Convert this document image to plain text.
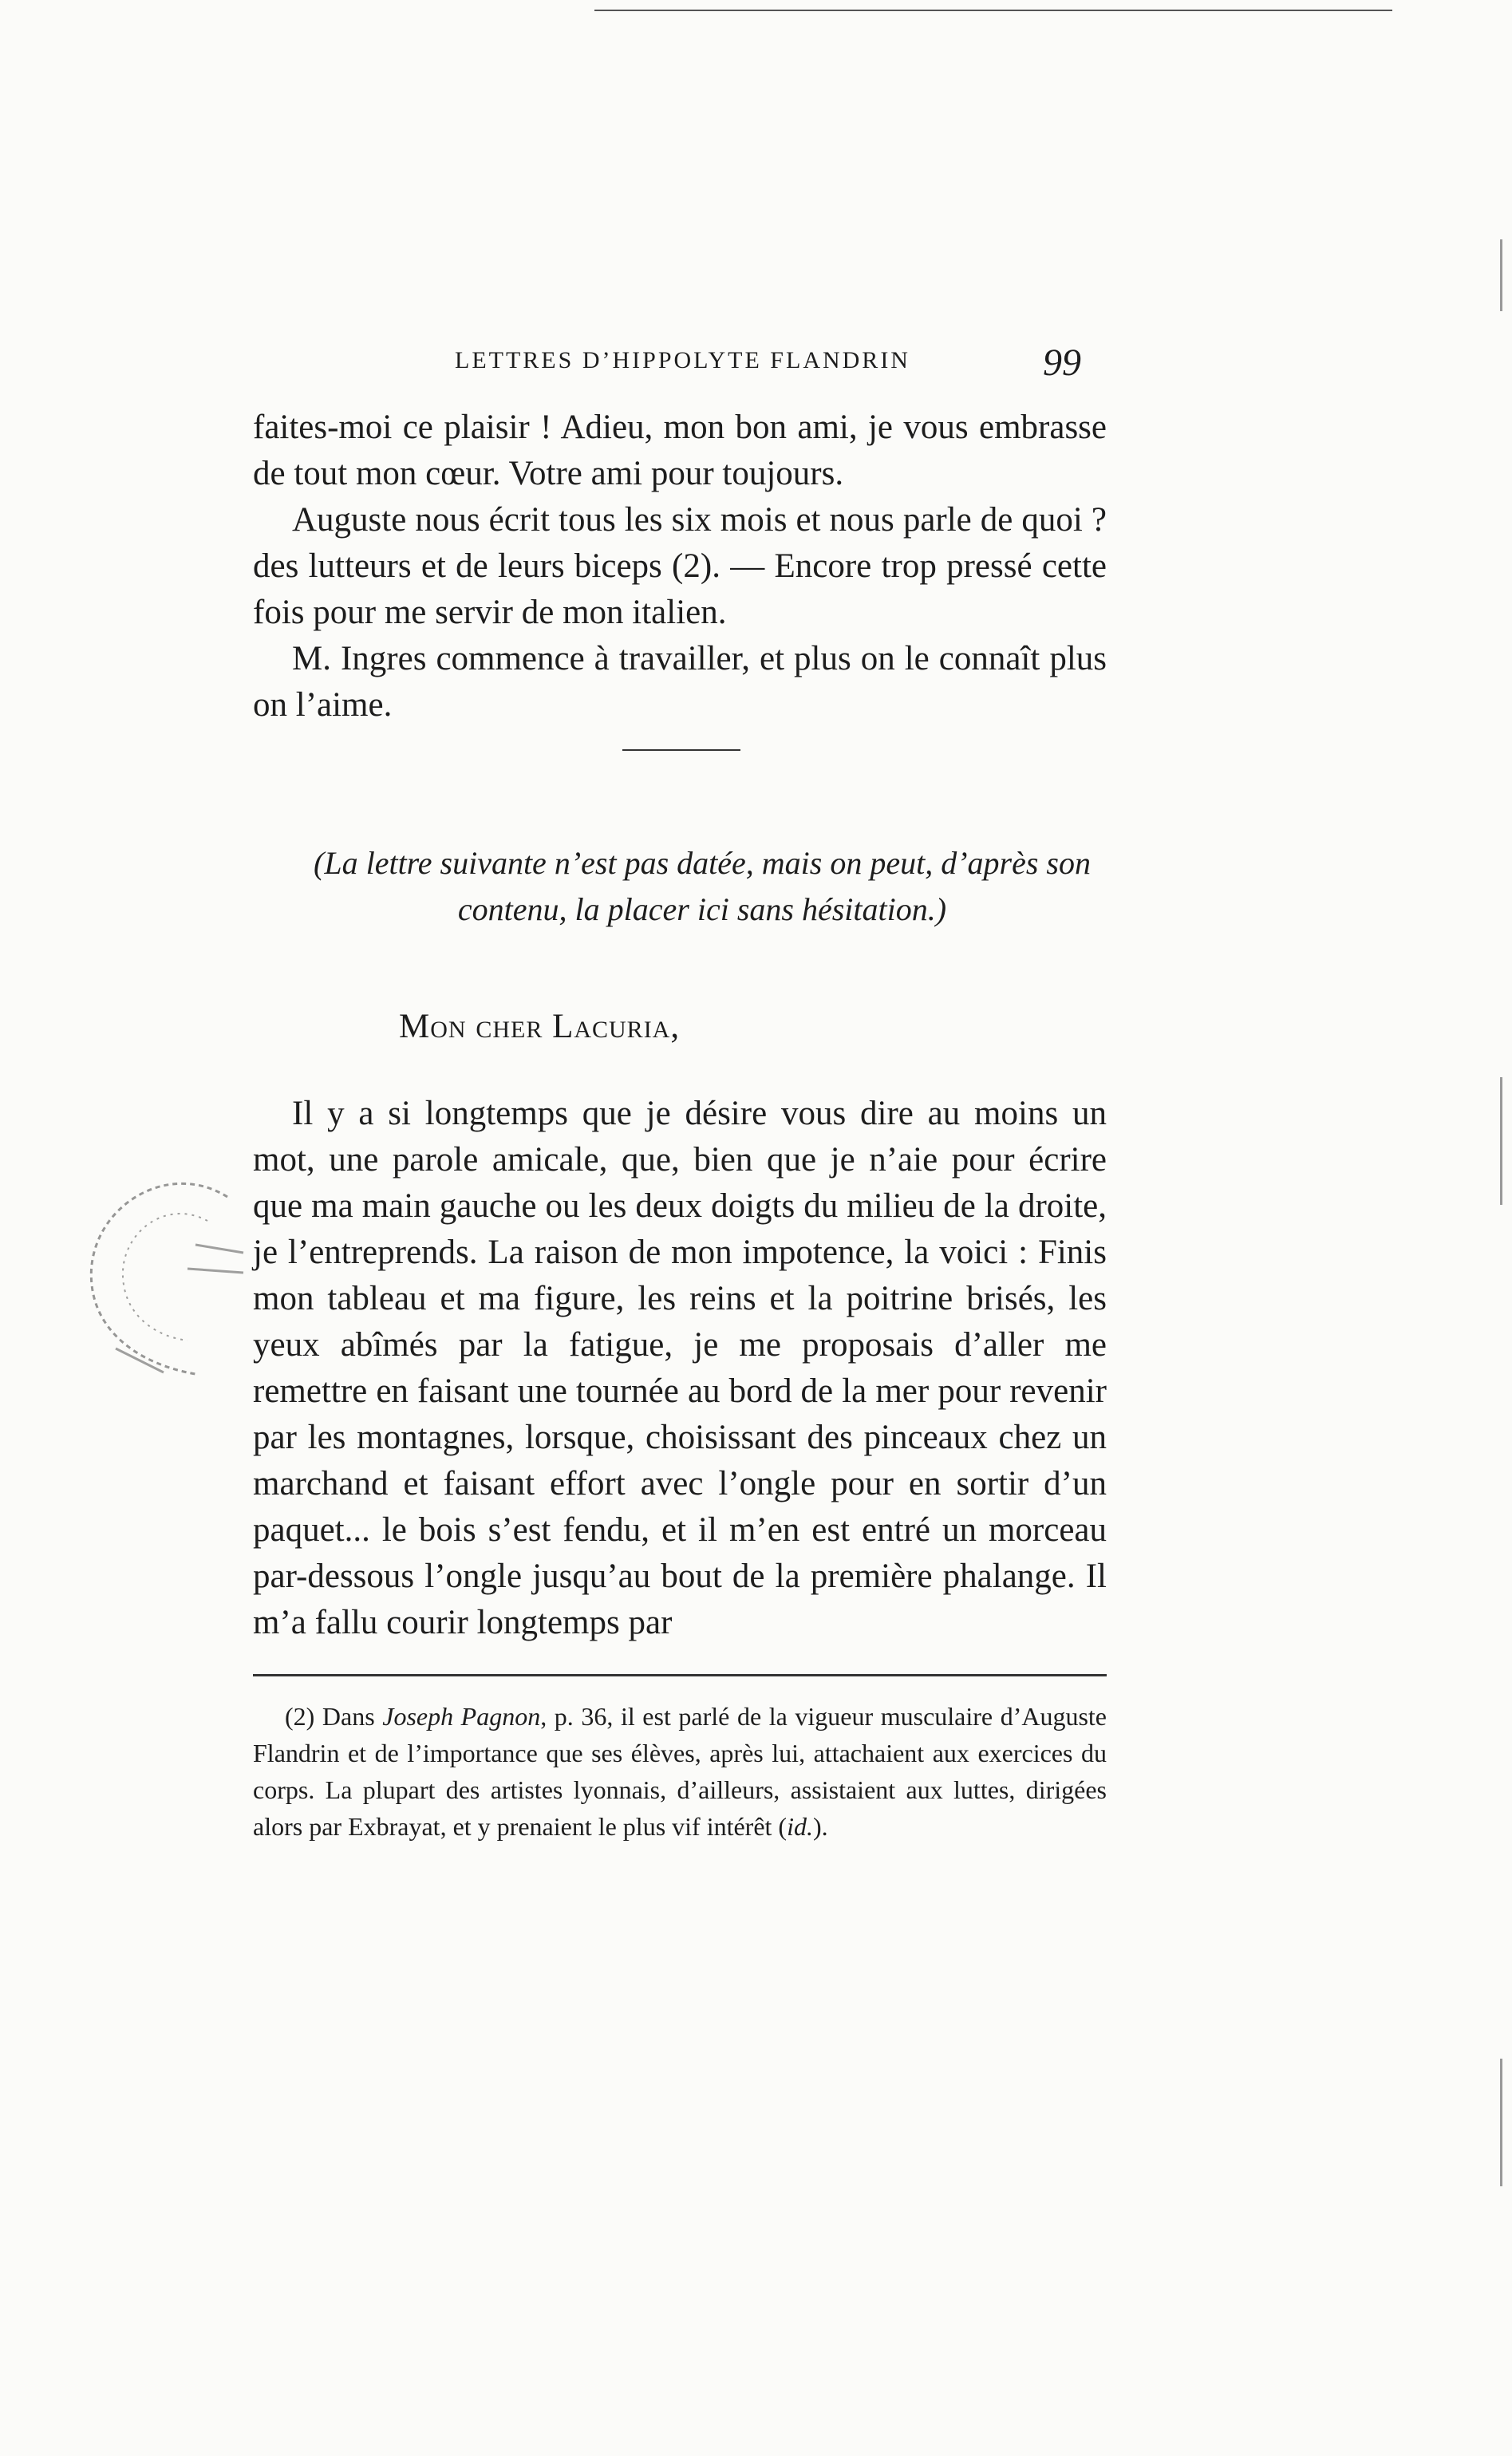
LETTRES D’HIPPOLYTE FLANDRIN	99

faites-moi ce plaisir ! Adieu, mon bon ami, je vous embrasse de tout mon cœur. Votre ami pour toujours.

Auguste nous écrit tous les six mois et nous parle de quoi ? des lutteurs et de leurs biceps (2). — Encore trop pressé cette fois pour me servir de mon italien.

M. Ingres commence à travailler, et plus on le connaît plus on l’aime.

(La lettre suivante n’est pas datée, mais on peut, d’après son contenu, la placer ici sans hésitation.)
Mon cher Lacuria,

Il y a si longtemps que je désire vous dire au moins un mot, une parole amicale, que, bien que je n’aie pour écrire que ma main gauche ou les deux doigts du milieu de la droite, je l’entreprends. La raison de mon impotence, la voici : Finis mon tableau et ma figure, les reins et la poitrine brisés, les yeux abîmés par la fatigue, je me proposais d’aller me remettre en faisant une tournée au bord de la mer pour revenir par les montagnes, lorsque, choisissant des pinceaux chez un marchand et faisant effort avec l’ongle pour en sortir d’un paquet... le bois s’est fendu, et il m’en est entré un morceau par-dessous l’ongle jusqu’au bout de la première phalange. Il m’a fallu courir longtemps par

(2) Dans Joseph Pagnon, p. 36, il est parlé de la vigueur musculaire d’Auguste Flandrin et de l’importance que ses élèves, après lui, attachaient aux exercices du corps. La plupart des artistes lyonnais, d’ailleurs, assistaient aux luttes, dirigées alors par Exbrayat, et y prenaient le plus vif intérêt (id.).
